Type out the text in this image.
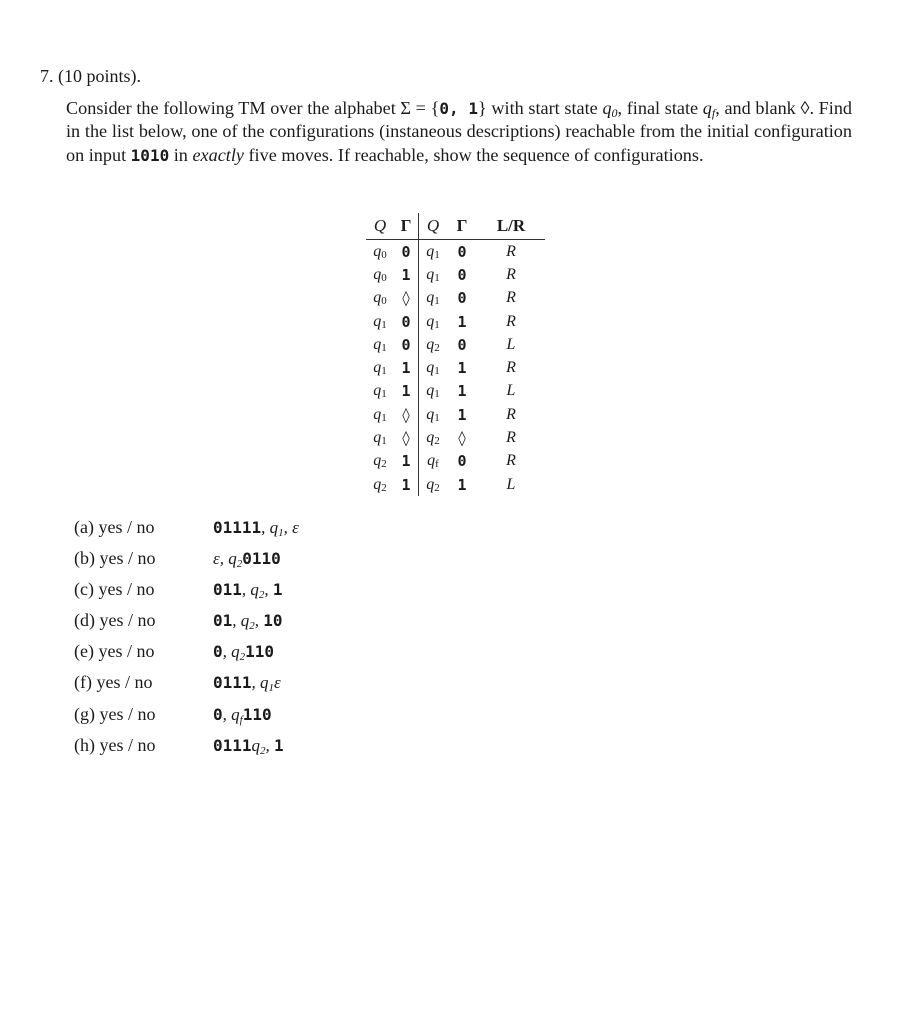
7. (10 points).
Consider the following TM over the alphabet Σ = {0, 1} with start state $q_0$, final state $q_f$, and blank ◊. Find in the list below, one of the configurations (instaneous descriptions) reachable from the initial configuration on input 1010 in exactly five moves. If reachable, show the sequence of configurations.
Q	Γ	Q	Γ	L/R
$q_0$	0	$q_1$	0	R
$q_0$	1	$q_1$	0	R
$q_0$	◊	$q_1$	0	R
$q_1$	0	$q_1$	1	R
$q_1$	0	$q_2$	0	L
$q_1$	1	$q_1$	1	R
$q_1$	1	$q_1$	1	L
$q_1$	◊	$q_1$	1	R
$q_1$	◊	$q_2$	◊	R
$q_2$	1	$q_f$	0	R
$q_2$	1	$q_2$	1	L
(a) yes / no	01111, $q_1$, ε
(b) yes / no	ε, $q_20110$
(c) yes / no	011, $q_2$, 1
(d) yes / no	01, $q_2$, 10
(e) yes / no	0, $q_2110$
(f) yes / no	0111, $q_1\varepsilon$
(g) yes / no	0, $q_f110$
(h) yes / no	$0111q_2$, 1
